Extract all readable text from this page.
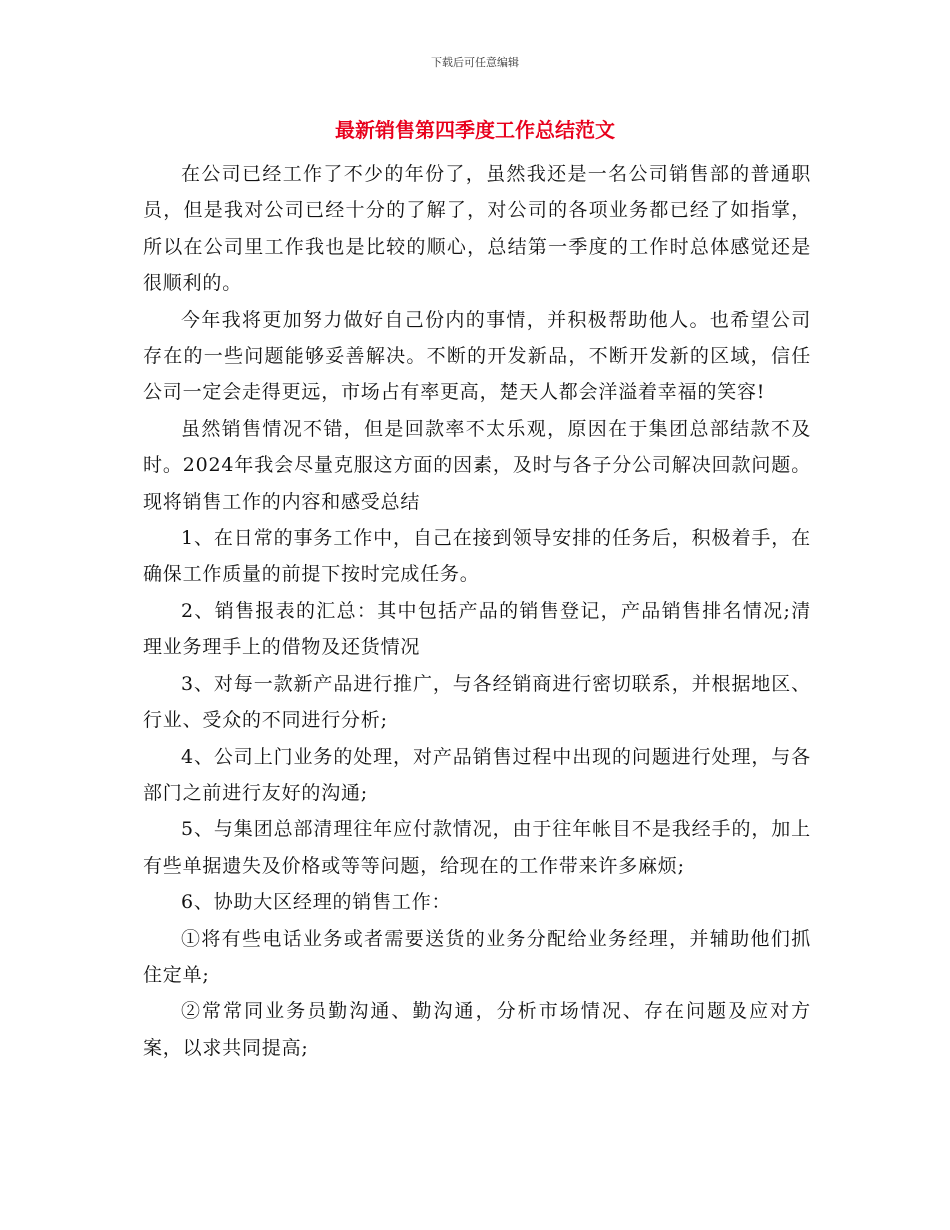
下载后可任意编辑
最新销售第四季度工作总结范文

在公司已经工作了不少的年份了，虽然我还是一名公司销售部的普通职员，但是我对公司已经十分的了解了，对公司的各项业务都已经了如指掌，所以在公司里工作我也是比较的顺心，总结第一季度的工作时总体感觉还是很顺利的。

今年我将更加努力做好自己份内的事情，并积极帮助他人。也希望公司存在的一些问题能够妥善解决。不断的开发新品，不断开发新的区域，信任公司一定会走得更远，市场占有率更高，楚天人都会洋溢着幸福的笑容!

虽然销售情况不错，但是回款率不太乐观，原因在于集团总部结款不及时。2024年我会尽量克服这方面的因素，及时与各子分公司解决回款问题。现将销售工作的内容和感受总结

1、在日常的事务工作中，自己在接到领导安排的任务后，积极着手，在确保工作质量的前提下按时完成任务。

2、销售报表的汇总：其中包括产品的销售登记，产品销售排名情况;清理业务理手上的借物及还货情况

3、对每一款新产品进行推广，与各经销商进行密切联系，并根据地区、行业、受众的不同进行分析;

4、公司上门业务的处理，对产品销售过程中出现的问题进行处理，与各部门之前进行友好的沟通;

5、与集团总部清理往年应付款情况，由于往年帐目不是我经手的，加上有些单据遗失及价格或等等问题，给现在的工作带来许多麻烦;

6、协助大区经理的销售工作：

①将有些电话业务或者需要送货的业务分配给业务经理，并辅助他们抓住定单;

②常常同业务员勤沟通、勤沟通，分析市场情况、存在问题及应对方案，以求共同提高;
